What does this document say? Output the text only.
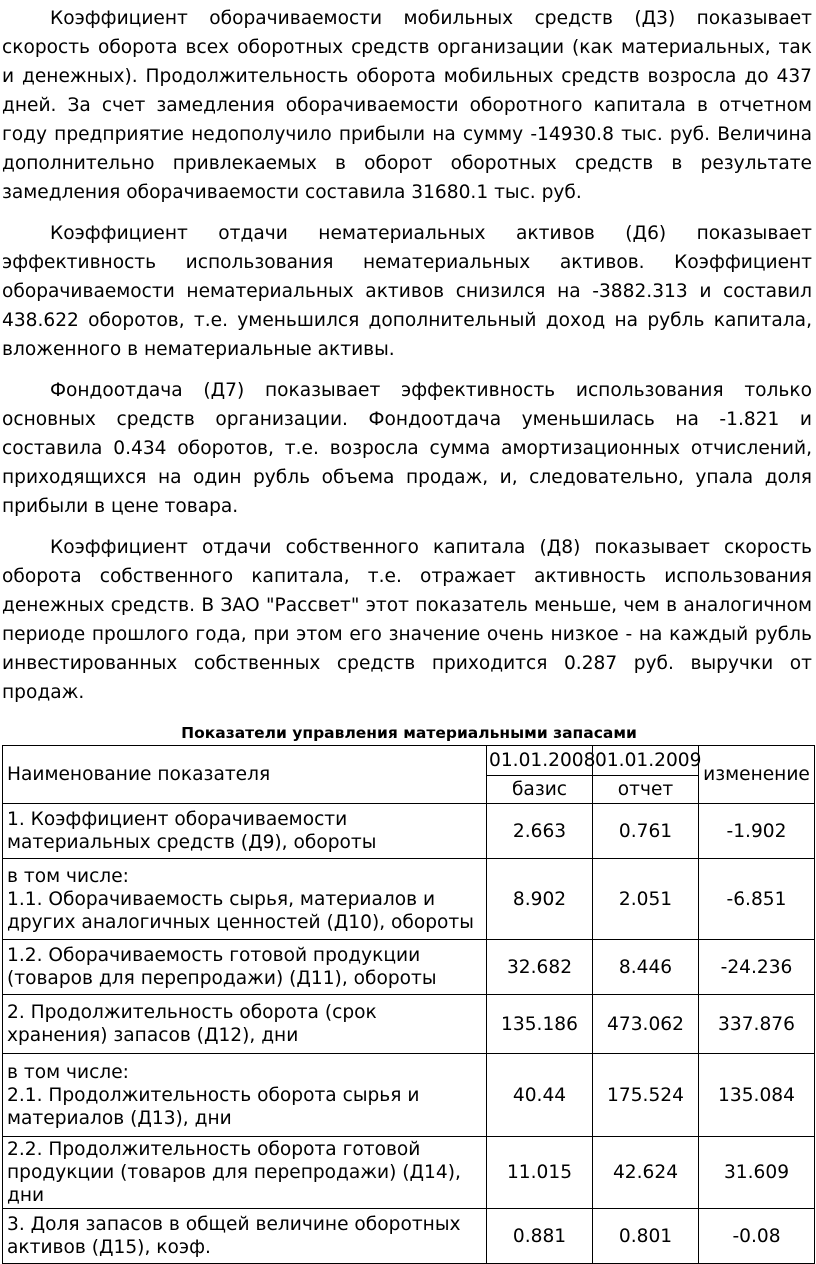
Коэффициент оборачиваемости мобильных средств (Д3) показывает скорость оборота всех оборотных средств организации (как материальных, так и денежных). Продолжительность оборота мобильных средств возросла до 437 дней. За счет замедления оборачиваемости оборотного капитала в отчетном году предприятие недополучило прибыли на сумму -14930.8 тыс. руб. Величина дополнительно привлекаемых в оборот оборотных средств в результате замедления оборачиваемости составила 31680.1 тыс. руб.

Коэффициент отдачи нематериальных активов (Д6) показывает эффективность использования нематериальных активов. Коэффициент оборачиваемости нематериальных активов снизился на -3882.313 и составил 438.622 оборотов, т.е. уменьшился дополнительный доход на рубль капитала, вложенного в нематериальные активы.

Фондоотдача (Д7) показывает эффективность использования только основных средств организации. Фондоотдача уменьшилась на -1.821 и составила 0.434 оборотов, т.е. возросла сумма амортизационных отчислений, приходящихся на один рубль объема продаж, и, следовательно, упала доля прибыли в цене товара.

Коэффициент отдачи собственного капитала (Д8) показывает скорость оборота собственного капитала, т.е. отражает активность использования денежных средств. В ЗАО "Рассвет" этот показатель меньше, чем в аналогичном периоде прошлого года, при этом его значение очень низкое - на каждый рубль инвестированных собственных средств приходится 0.287 руб. выручки от продаж.

Показатели управления материальными запасами
Наименование показателя	01.01.2008	01.01.2009	изменение
	базис	отчет	
1. Коэффициент оборачиваемости материальных средств (Д9), обороты	2.663	0.761	-1.902
в том числе:
1.1. Оборачиваемость сырья, материалов и других аналогичных ценностей (Д10), обороты	8.902	2.051	-6.851
1.2. Оборачиваемость готовой продукции (товаров для перепродажи) (Д11), обороты	32.682	8.446	-24.236
2. Продолжительность оборота (срок хранения) запасов (Д12), дни	135.186	473.062	337.876
в том числе:
2.1. Продолжительность оборота сырья и материалов (Д13), дни	40.44	175.524	135.084
2.2. Продолжительность оборота готовой продукции (товаров для перепродажи) (Д14), дни	11.015	42.624	31.609
3. Доля запасов в общей величине оборотных активов (Д15), коэф.	0.881	0.801	-0.08
